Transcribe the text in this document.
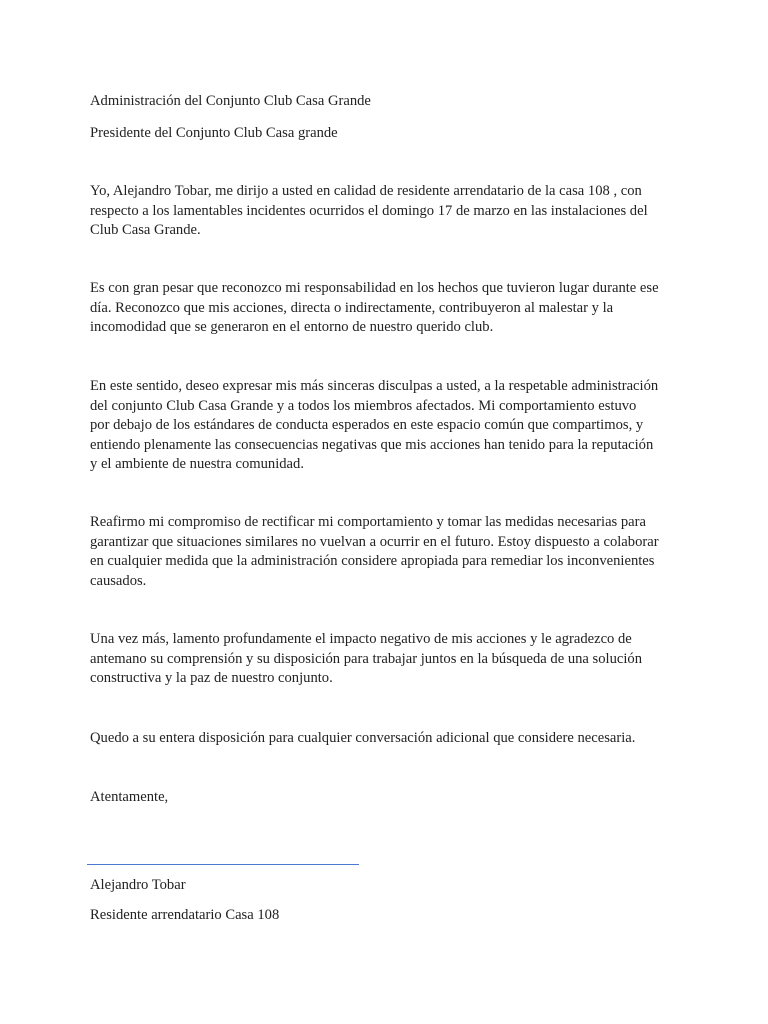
Administración del Conjunto Club Casa Grande
Presidente del Conjunto Club Casa grande
Yo, Alejandro Tobar, me dirijo a usted en calidad de residente arrendatario de la casa 108 , con
respecto a los lamentables incidentes ocurridos el domingo 17 de marzo en las instalaciones del
Club Casa Grande.
Es con gran pesar que reconozco mi responsabilidad en los hechos que tuvieron lugar durante ese
día. Reconozco que mis acciones, directa o indirectamente, contribuyeron al malestar y la
incomodidad que se generaron en el entorno de nuestro querido club.
En este sentido, deseo expresar mis más sinceras disculpas a usted, a la respetable administración
del conjunto Club Casa Grande y a todos los miembros afectados. Mi comportamiento estuvo
por debajo de los estándares de conducta esperados en este espacio común que compartimos, y
entiendo plenamente las consecuencias negativas que mis acciones han tenido para la reputación
y el ambiente de nuestra comunidad.
Reafirmo mi compromiso de rectificar mi comportamiento y tomar las medidas necesarias para
garantizar que situaciones similares no vuelvan a ocurrir en el futuro. Estoy dispuesto a colaborar
en cualquier medida que la administración considere apropiada para remediar los inconvenientes
causados.
Una vez más, lamento profundamente el impacto negativo de mis acciones y le agradezco de
antemano su comprensión y su disposición para trabajar juntos en la búsqueda de una solución
constructiva y la paz de nuestro conjunto.
Quedo a su entera disposición para cualquier conversación adicional que considere necesaria.
Atentamente,
Alejandro Tobar
Residente arrendatario Casa 108
